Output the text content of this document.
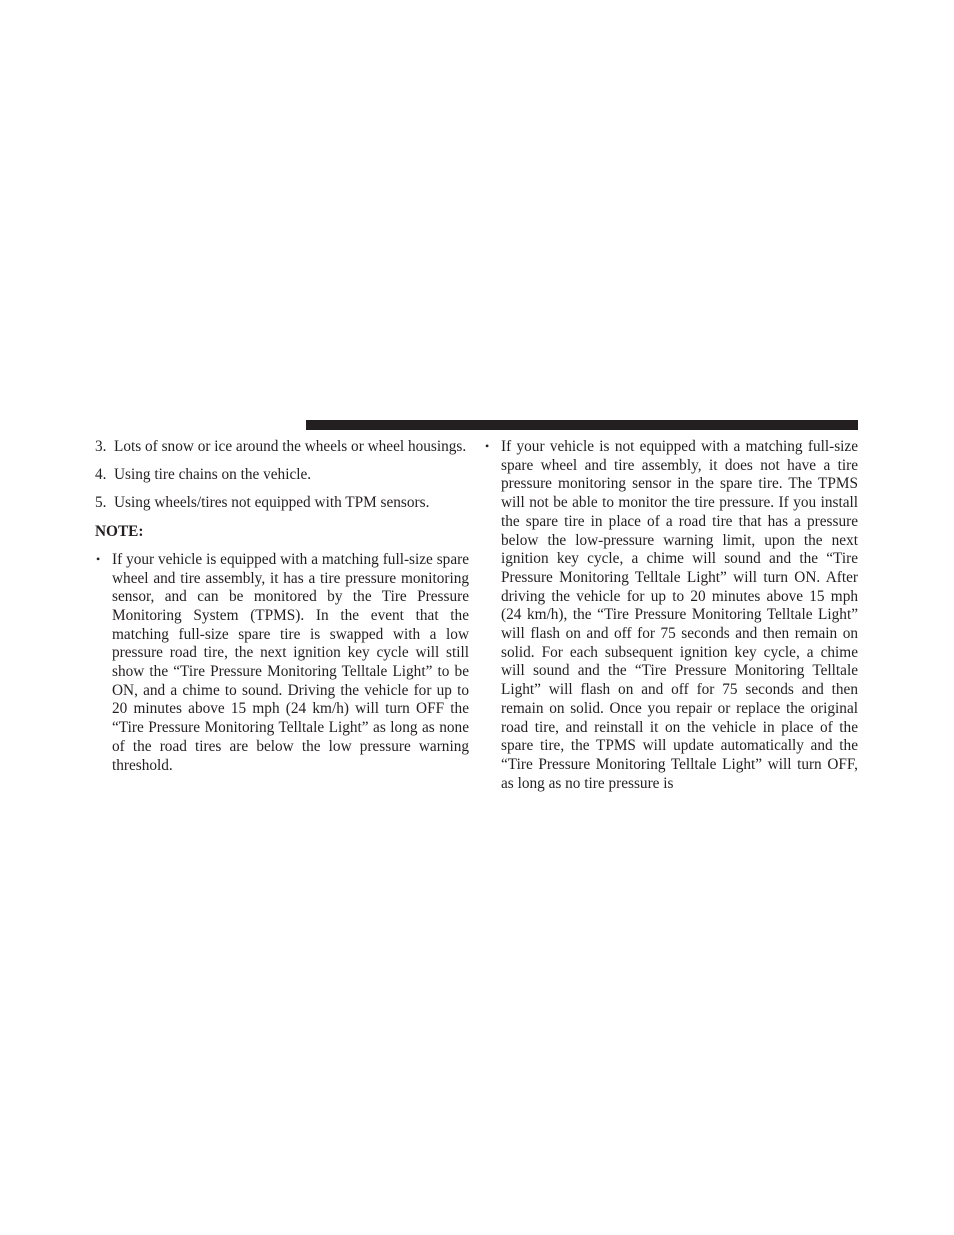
3. Lots of snow or ice around the wheels or wheel housings.
4. Using tire chains on the vehicle.
5. Using wheels/tires not equipped with TPM sensors.
NOTE:
• If your vehicle is equipped with a matching full-size spare wheel and tire assembly, it has a tire pressure monitoring sensor, and can be monitored by the Tire Pressure Monitoring System (TPMS). In the event that the matching full-size spare tire is swapped with a low pressure road tire, the next ignition key cycle will still show the “Tire Pressure Monitoring Telltale Light” to be ON, and a chime to sound. Driving the vehicle for up to 20 minutes above 15 mph (24 km/h) will turn OFF the “Tire Pressure Monitoring Telltale Light” as long as none of the road tires are below the low pressure warning threshold.
• If your vehicle is not equipped with a matching full-size spare wheel and tire assembly, it does not have a tire pressure monitoring sensor in the spare tire. The TPMS will not be able to monitor the tire pressure. If you install the spare tire in place of a road tire that has a pressure below the low-pressure warning limit, upon the next ignition key cycle, a chime will sound and the “Tire Pressure Monitoring Telltale Light” will turn ON. After driving the vehicle for up to 20 minutes above 15 mph (24 km/h), the “Tire Pressure Monitoring Telltale Light” will flash on and off for 75 seconds and then remain on solid. For each subsequent ignition key cycle, a chime will sound and the “Tire Pressure Monitoring Telltale Light” will flash on and off for 75 seconds and then remain on solid. Once you repair or replace the original road tire, and reinstall it on the vehicle in place of the spare tire, the TPMS will update automatically and the “Tire Pressure Monitoring Telltale Light” will turn OFF, as long as no tire pressure is
